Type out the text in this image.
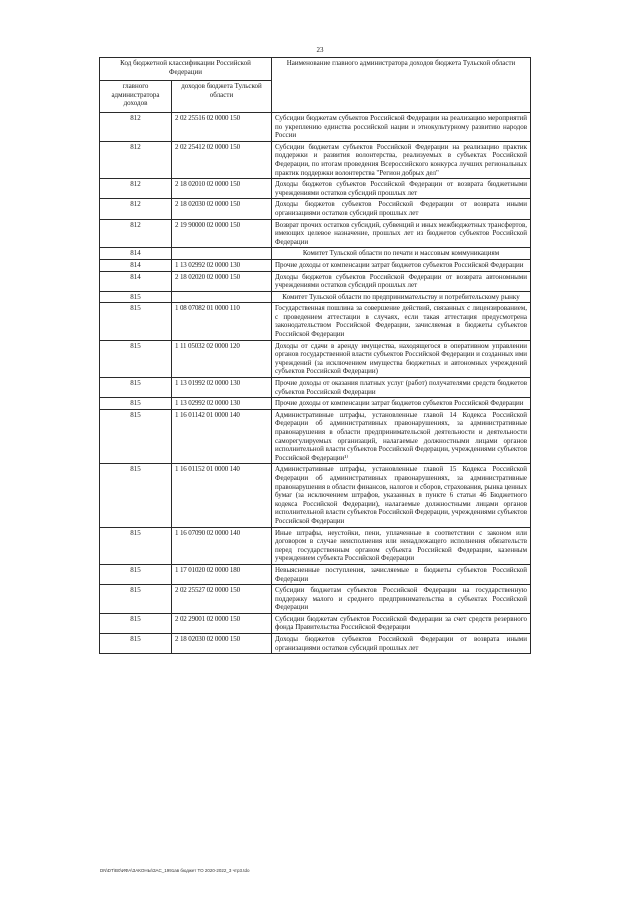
23
Код бюджетной классификации Российской Федерации		Наименование главного администратора доходов бюджета Тульской области
главного администратора доходов	доходов бюджета Тульской области	
812	2 02 25516 02 0000 150	Субсидии бюджетам субъектов Российской Федерации на реализацию мероприятий по укреплению единства российской нации и этнокультурному развитию народов России
812	2 02 25412 02 0000 150	Субсидии бюджетам субъектов Российской Федерации на реализацию практик поддержки и развития волонтерства, реализуемых в субъектах Российской Федерации, по итогам проведения Всероссийского конкурса лучших региональных практик поддержки волонтерства "Регион добрых дел"
812	2 18 02010 02 0000 150	Доходы бюджетов субъектов Российской Федерации от возврата бюджетными учреждениями остатков субсидий прошлых лет
812	2 18 02030 02 0000 150	Доходы бюджетов субъектов Российской Федерации от возврата иными организациями остатков субсидий прошлых лет
812	2 19 90000 02 0000 150	Возврат прочих остатков субсидий, субвенций и иных межбюджетных трансфертов, имеющих целевое назначение, прошлых лет из бюджетов субъектов Российской Федерации
814		Комитет Тульской области по печати и массовым коммуникациям
814	1 13 02992 02 0000 130	Прочие доходы от компенсации затрат бюджетов субъектов Российской Федерации
814	2 18 02020 02 0000 150	Доходы бюджетов субъектов Российской Федерации от возврата автономными учреждениями остатков субсидий прошлых лет
815		Комитет Тульской области по предпринимательству и потребительскому рынку
815	1 08 07082 01 0000 110	Государственная пошлина за совершение действий, связанных с лицензированием, с проведением аттестации в случаях, если такая аттестация предусмотрена законодательством Российской Федерации, зачисляемая в бюджеты субъектов Российской Федерации
815	1 11 05032 02 0000 120	Доходы от сдачи в аренду имущества, находящегося в оперативном управлении органов государственной власти субъектов Российской Федерации и созданных ими учреждений (за исключением имущества бюджетных и автономных учреждений субъектов Российской Федерации)
815	1 13 01992 02 0000 130	Прочие доходы от оказания платных услуг (работ) получателями средств бюджетов субъектов Российской Федерации
815	1 13 02992 02 0000 130	Прочие доходы от компенсации затрат бюджетов субъектов Российской Федерации
815	1 16 01142 01 0000 140	Административные штрафы, установленные главой 14 Кодекса Российской Федерации об административных правонарушениях, за административные правонарушения в области предпринимательской деятельности и деятельности саморегулируемых организаций, налагаемые должностными лицами органов исполнительной власти субъектов Российской Федерации, учреждениями субъектов Российской Федерации¹⁾
815	1 16 01152 01 0000 140	Административные штрафы, установленные главой 15 Кодекса Российской Федерации об административных правонарушениях, за административные правонарушения в области финансов, налогов и сборов, страхования, рынка ценных бумаг (за исключением штрафов, указанных в пункте 6 статьи 46 Бюджетного кодекса Российской Федерации), налагаемые должностными лицами органов исполнительной власти субъектов Российской Федерации, учреждениями субъектов Российской Федерации
815	1 16 07090 02 0000 140	Иные штрафы, неустойки, пени, уплаченные в соответствии с законом или договором в случае неисполнения или ненадлежащего исполнения обязательств перед государственным органом субъекта Российской Федерации, казенным учреждением субъекта Российской Федерации
815	1 17 01020 02 0000 180	Невыясненные поступления, зачисляемые в бюджеты субъектов Российской Федерации
815	2 02 25527 02 0000 150	Субсидии бюджетам субъектов Российской Федерации на государственную поддержку малого и среднего предпринимательства в субъектах Российской Федерации
815	2 02 29001 02 0000 150	Субсидии бюджетам субъектов Российской Федерации за счет средств резервного фонда Правительства Российской Федерации
815	2 18 02030 02 0000 150	Доходы бюджетов субъектов Российской Федерации от возврата иными организациями остатков субсидий прошлых лет
DN\DT\B0\ИФА\ЗАКОНЫ\ЗАС_1991ав бюджет ТО 2020-2022_3 чтр3.tdo
